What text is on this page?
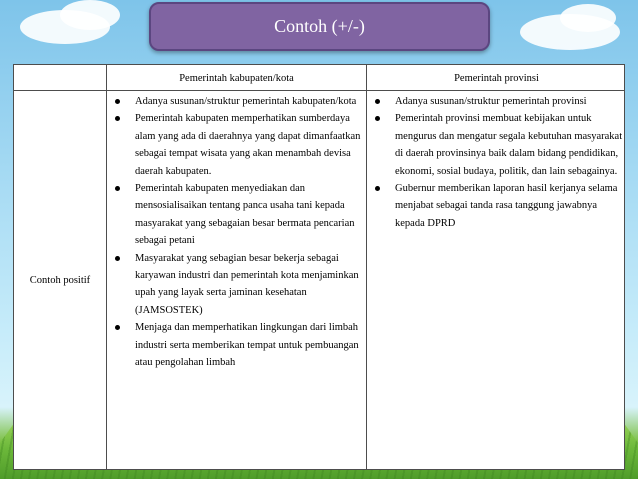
Contoh (+/-)
Pemerintah kabupaten/kota	Pemerintah provinsi
Contoh positif
Adanya susunan/struktur pemerintah kabupaten/kota
Pemerintah kabupaten memperhatikan sumberdaya alam yang ada di daerahnya yang dapat dimanfaatkan sebagai tempat wisata yang akan menambah devisa daerah kabupaten.
Pemerintah kabupaten menyediakan dan mensosialisaikan tentang panca usaha tani kepada masyarakat yang sebagaian besar bermata pencarian sebagai petani
Masyarakat yang sebagian besar bekerja sebagai karyawan industri dan pemerintah kota menjaminkan upah yang layak serta jaminan kesehatan (JAMSOSTEK)
Menjaga dan memperhatikan lingkungan dari limbah industri serta memberikan tempat untuk pembuangan atau pengolahan limbah
Adanya susunan/struktur pemerintah provinsi
Pemerintah provinsi membuat kebijakan untuk mengurus dan mengatur segala kebutuhan masyarakat di daerah provinsinya baik dalam bidang pendidikan, ekonomi, sosial budaya, politik, dan lain sebagainya.
Gubernur memberikan laporan hasil kerjanya selama menjabat sebagai tanda rasa tanggung jawabnya kepada DPRD
